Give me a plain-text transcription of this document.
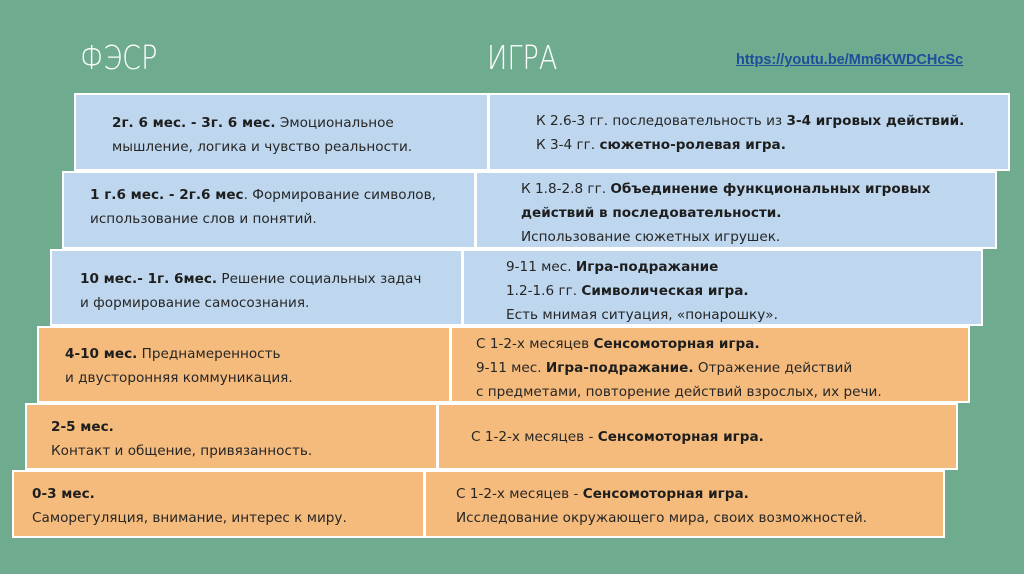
ФЭСР	ИГРА	https://youtu.be/Mm6KWDCHcSc
2г. 6 мес. - 3г. 6 мес. Эмоциональное
мышление, логика и чувство реальности.
К 2.6-3 гг. последовательность из 3-4 игровых действий.
К 3-4 гг. сюжетно-ролевая игра.
1 г.6 мес. - 2г.6 мес. Формирование символов,
использование слов и понятий.
К 1.8-2.8 гг. Объединение функциональных игровых
действий в последовательности.
Использование сюжетных игрушек.
10 мес.- 1г. 6мес. Решение социальных задач
и формирование самосознания.
9-11 мес. Игра-подражание
1.2-1.6 гг. Символическая игра.
Есть мнимая ситуация, «понарошку».
4-10 мес. Преднамеренность
и двусторонняя коммуникация.
С 1-2-х месяцев Сенсомоторная игра.
9-11 мес. Игра-подражание. Отражение действий
с предметами, повторение действий взрослых, их речи.
2-5 мес.
Контакт и общение, привязанность.
С 1-2-х месяцев - Сенсомоторная игра.
0-3 мес.
Саморегуляция, внимание, интерес к миру.
С 1-2-х месяцев - Сенсомоторная игра.
Исследование окружающего мира, своих возможностей.
